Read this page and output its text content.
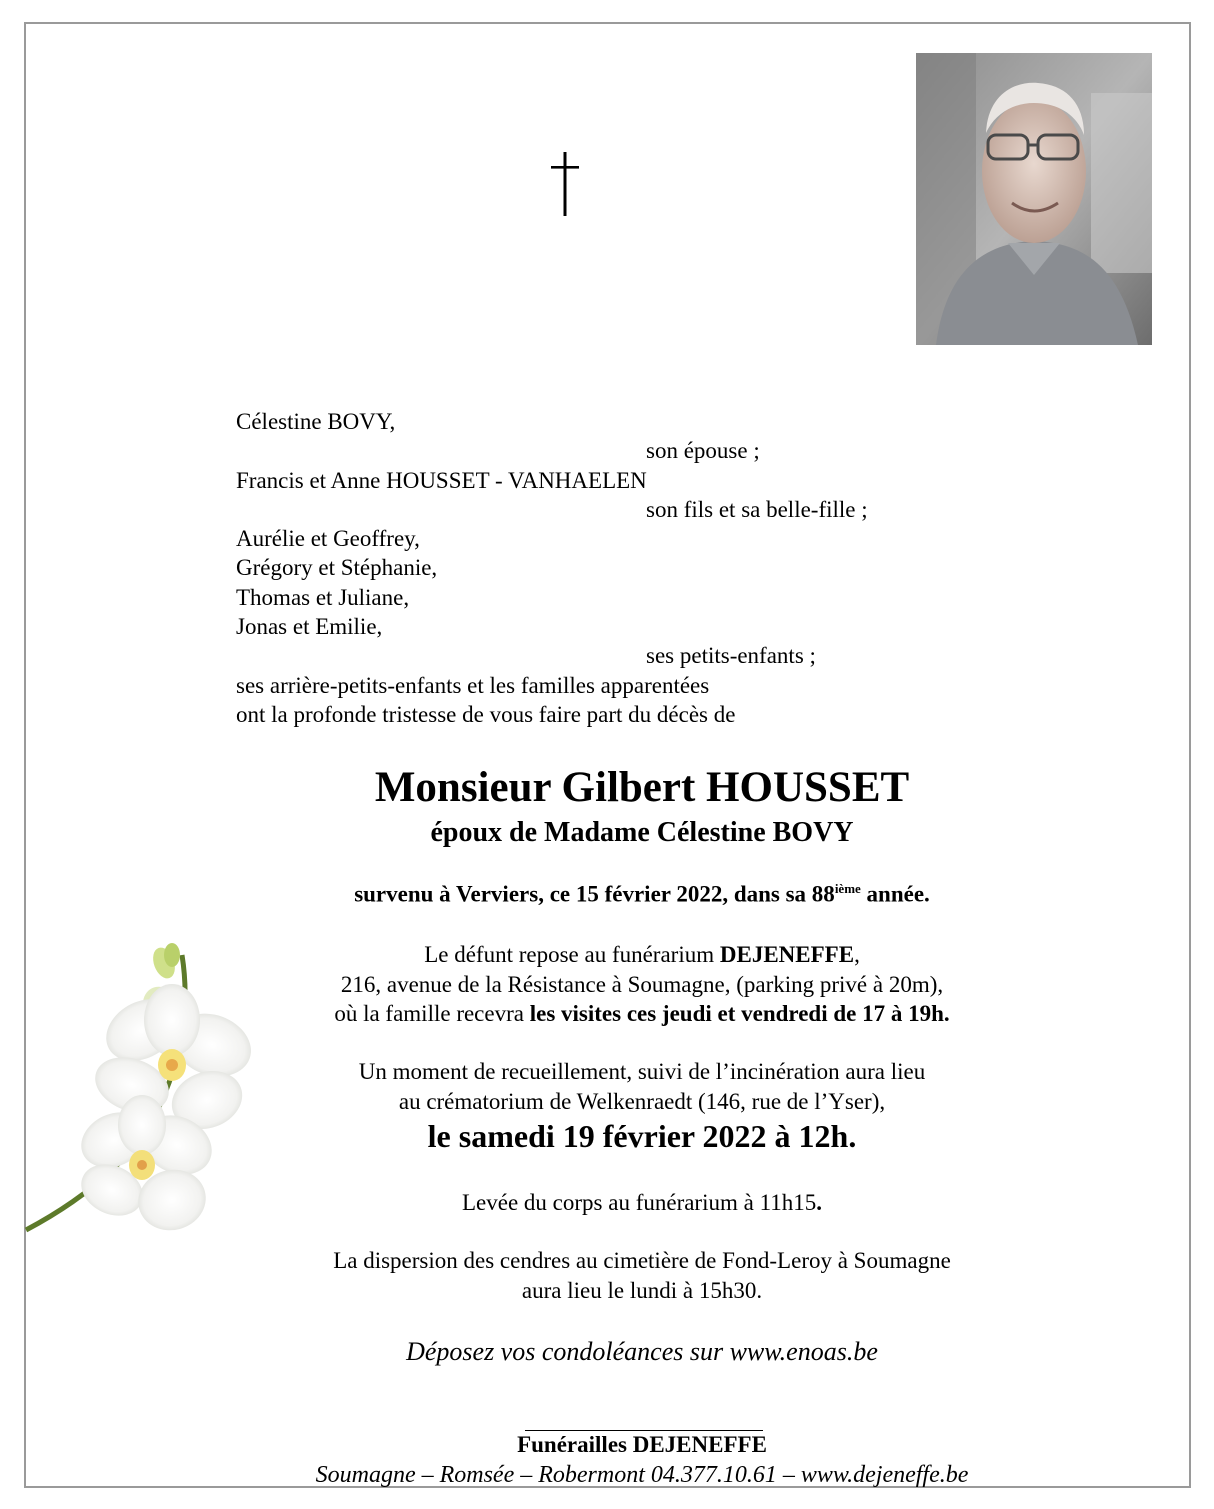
Célestine BOVY,
son épouse ;
Francis et Anne HOUSSET - VANHAELEN
son fils et sa belle-fille ;
Aurélie et Geoffrey,
Grégory et Stéphanie,
Thomas et Juliane,
Jonas et Emilie,
ses petits-enfants ;
ses arrière-petits-enfants et les familles apparentées
ont la profonde tristesse de vous faire part du décès de
Monsieur Gilbert HOUSSET
époux de Madame Célestine BOVY
survenu à Verviers, ce 15 février 2022, dans sa 88ième année.
Le défunt repose au funérarium DEJENEFFE,
216, avenue de la Résistance à Soumagne, (parking privé à 20m),
où la famille recevra les visites ces jeudi et vendredi de 17 à 19h.
Un moment de recueillement, suivi de l’incinération aura lieu
au crématorium de Welkenraedt (146, rue de l’Yser),
le samedi 19 février 2022 à 12h.
Levée du corps au funérarium à 11h15.
La dispersion des cendres au cimetière de Fond-Leroy à Soumagne
aura lieu le lundi à 15h30.
Déposez vos condoléances sur www.enoas.be
Funérailles DEJENEFFE
Soumagne – Romsée – Robermont 04.377.10.61 – www.dejeneffe.be
